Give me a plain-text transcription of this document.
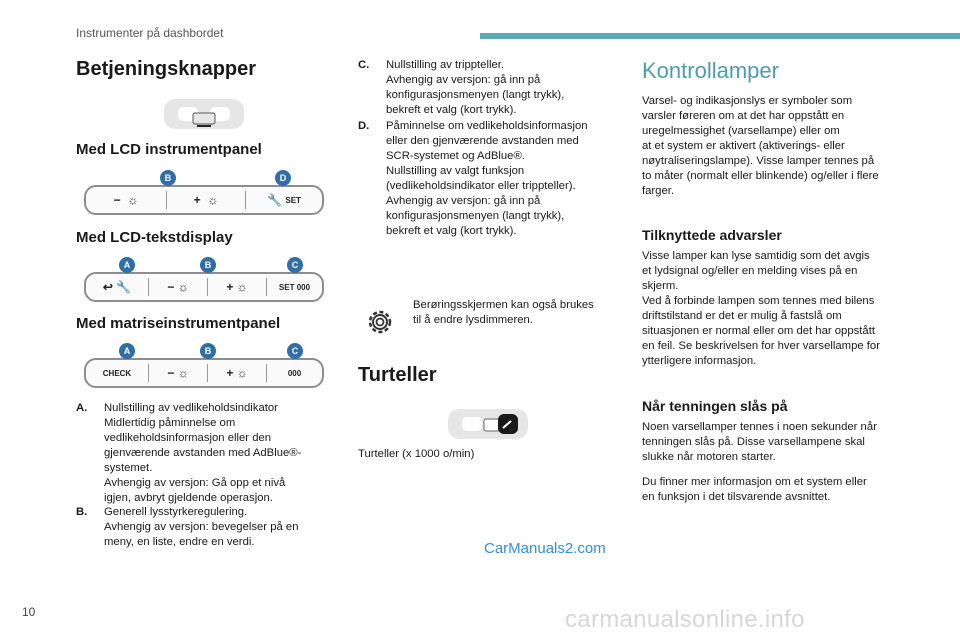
Instrumenter på dashbordet
Betjeningsknapper
Med LCD instrumentpanel
−
☼	+
☼	🔧
SET
B	D
Med LCD-tekstdisplay
↩
🔧	−
☼	+
☼	SET 000
A	B	C
Med matriseinstrumentpanel
CHECK	−
☼	+
☼	000
A	B	C
A. Nullstilling av vedlikeholdsindikator
Midlertidig påminnelse om
vedlikeholdsinformasjon eller den
gjenværende avstanden med AdBlue®-
systemet.
Avhengig av versjon: Gå opp et nivå
igjen, avbryt gjeldende operasjon.
B. Generell lysstyrkeregulering.
Avhengig av versjon: bevegelser på en
meny, en liste, endre en verdi.
C. Nullstilling av trippteller.
Avhengig av versjon: gå inn på
konfigurasjonsmenyen (langt trykk),
bekreft et valg (kort trykk).
D. Påminnelse om vedlikeholdsinformasjon
eller den gjenværende avstanden med
SCR-systemet og AdBlue®.
Nullstilling av valgt funksjon
(vedlikeholdsindikator eller trippteller).
Avhengig av versjon: gå inn på
konfigurasjonsmenyen (langt trykk),
bekreft et valg (kort trykk).

Berøringsskjermen kan også brukes
til å endre lysdimmeren.

Turteller

Turteller (x 1000 o/min)

Kontrollamper

Varsel- og indikasjonslys er symboler som
varsler føreren om at det har oppstått en
uregelmessighet (varsellampe) eller om
at et system er aktivert (aktiverings- eller
nøytraliseringslampe). Visse lamper tennes på
to måter (normalt eller blinkende) og/eller i flere
farger.

Tilknyttede advarsler

Visse lamper kan lyse samtidig som det avgis
et lydsignal og/eller en melding vises på en
skjerm.
Ved å forbinde lampen som tennes med bilens
driftstilstand er det er mulig å fastslå om
situasjonen er normal eller om det har oppstått
en feil. Se beskrivelsen for hver varsellampe for
ytterligere informasjon.

Når tenningen slås på

Noen varsellamper tennes i noen sekunder når
tenningen slås på. Disse varsellampene skal
slukke når motoren starter.

Du finner mer informasjon om et system eller
en funksjon i det tilsvarende avsnittet.

CarManuals2.com
10	carmanualsonline.info
